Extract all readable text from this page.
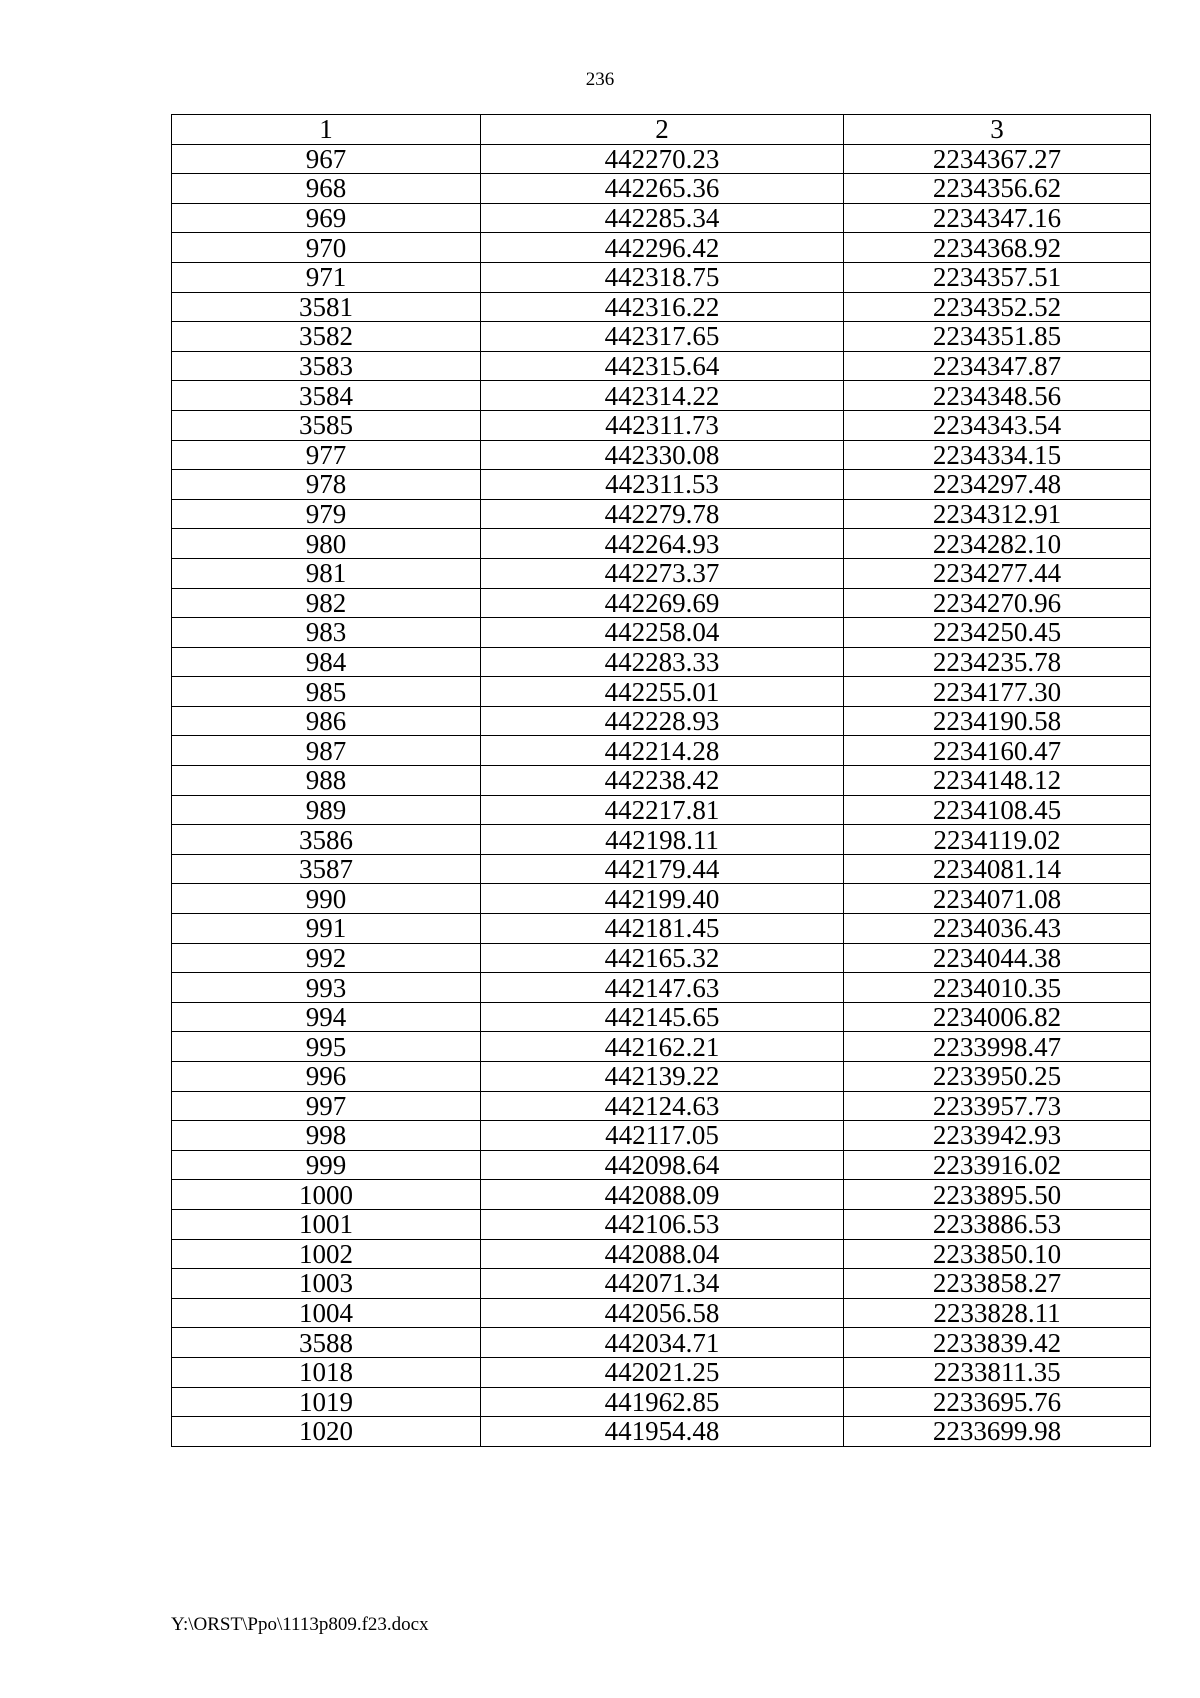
236
1	2	3
967	442270.23	2234367.27
968	442265.36	2234356.62
969	442285.34	2234347.16
970	442296.42	2234368.92
971	442318.75	2234357.51
3581	442316.22	2234352.52
3582	442317.65	2234351.85
3583	442315.64	2234347.87
3584	442314.22	2234348.56
3585	442311.73	2234343.54
977	442330.08	2234334.15
978	442311.53	2234297.48
979	442279.78	2234312.91
980	442264.93	2234282.10
981	442273.37	2234277.44
982	442269.69	2234270.96
983	442258.04	2234250.45
984	442283.33	2234235.78
985	442255.01	2234177.30
986	442228.93	2234190.58
987	442214.28	2234160.47
988	442238.42	2234148.12
989	442217.81	2234108.45
3586	442198.11	2234119.02
3587	442179.44	2234081.14
990	442199.40	2234071.08
991	442181.45	2234036.43
992	442165.32	2234044.38
993	442147.63	2234010.35
994	442145.65	2234006.82
995	442162.21	2233998.47
996	442139.22	2233950.25
997	442124.63	2233957.73
998	442117.05	2233942.93
999	442098.64	2233916.02
1000	442088.09	2233895.50
1001	442106.53	2233886.53
1002	442088.04	2233850.10
1003	442071.34	2233858.27
1004	442056.58	2233828.11
3588	442034.71	2233839.42
1018	442021.25	2233811.35
1019	441962.85	2233695.76
1020	441954.48	2233699.98
Y:\ORST\Ppo\1113p809.f23.docx
